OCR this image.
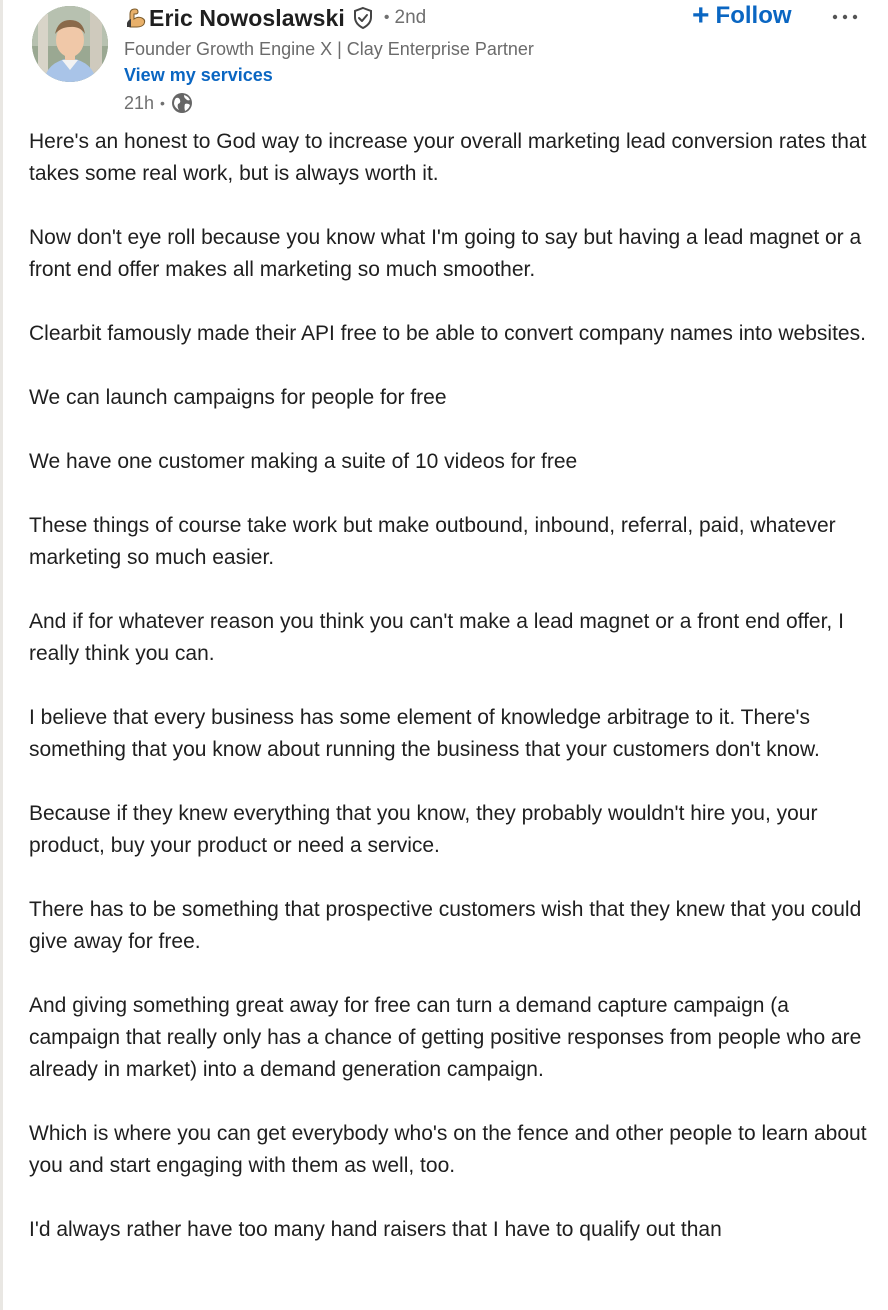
Eric Nowoslawski • 2nd
Founder Growth Engine X | Clay Enterprise Partner
View my services
21h •
+ Follow

Here's an honest to God way to increase your overall marketing lead conversion rates that takes some real work, but is always worth it.

Now don't eye roll because you know what I'm going to say but having a lead magnet or a front end offer makes all marketing so much smoother.

Clearbit famously made their API free to be able to convert company names into websites.

We can launch campaigns for people for free

We have one customer making a suite of 10 videos for free

These things of course take work but make outbound, inbound, referral, paid, whatever marketing so much easier.

And if for whatever reason you think you can't make a lead magnet or a front end offer, I really think you can.

I believe that every business has some element of knowledge arbitrage to it. There's something that you know about running the business that your customers don't know.

Because if they knew everything that you know, they probably wouldn't hire you, your product, buy your product or need a service.

There has to be something that prospective customers wish that they knew that you could give away for free.

And giving something great away for free can turn a demand capture campaign (a campaign that really only has a chance of getting positive responses from people who are already in market) into a demand generation campaign.

Which is where you can get everybody who's on the fence and other people to learn about you and start engaging with them as well, too.

I'd always rather have too many hand raisers that I have to qualify out than
